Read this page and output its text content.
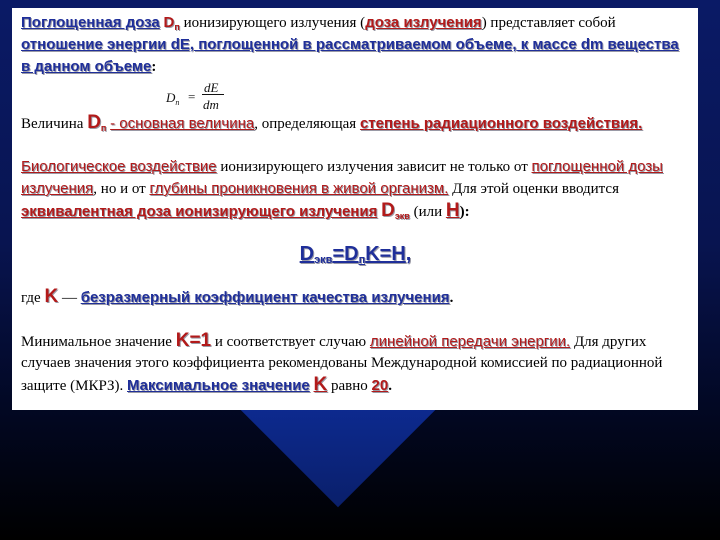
Поглощенная доза $D_п$ ионизирующего излучения (доза излучения) представляет собой отношение энергии dE, поглощенной в рассматриваемом объеме, к массе dm вещества в данном объеме:

$D_п$ =
dE
dm

Величина $D_п$ - основная величина, определяющая степень радиационного воздействия.

Биологическое воздействие ионизирующего излучения зависит не только от поглощенной дозы излучения, но и от глубины проникновения в живой организм. Для этой оценки вводится эквивалентная доза ионизирующего излучения $D_{экв}$ (или H):

$D_{экв}=D_пK=H$,

где K — безразмерный коэффициент качества излучения.

Минимальное значение K=1 и соответствует случаю линейной передачи энергии. Для других случаев значения этого коэффициента рекомендованы Международной комиссией по радиационной защите (МКРЗ). Максимальное значение K равно 20.
